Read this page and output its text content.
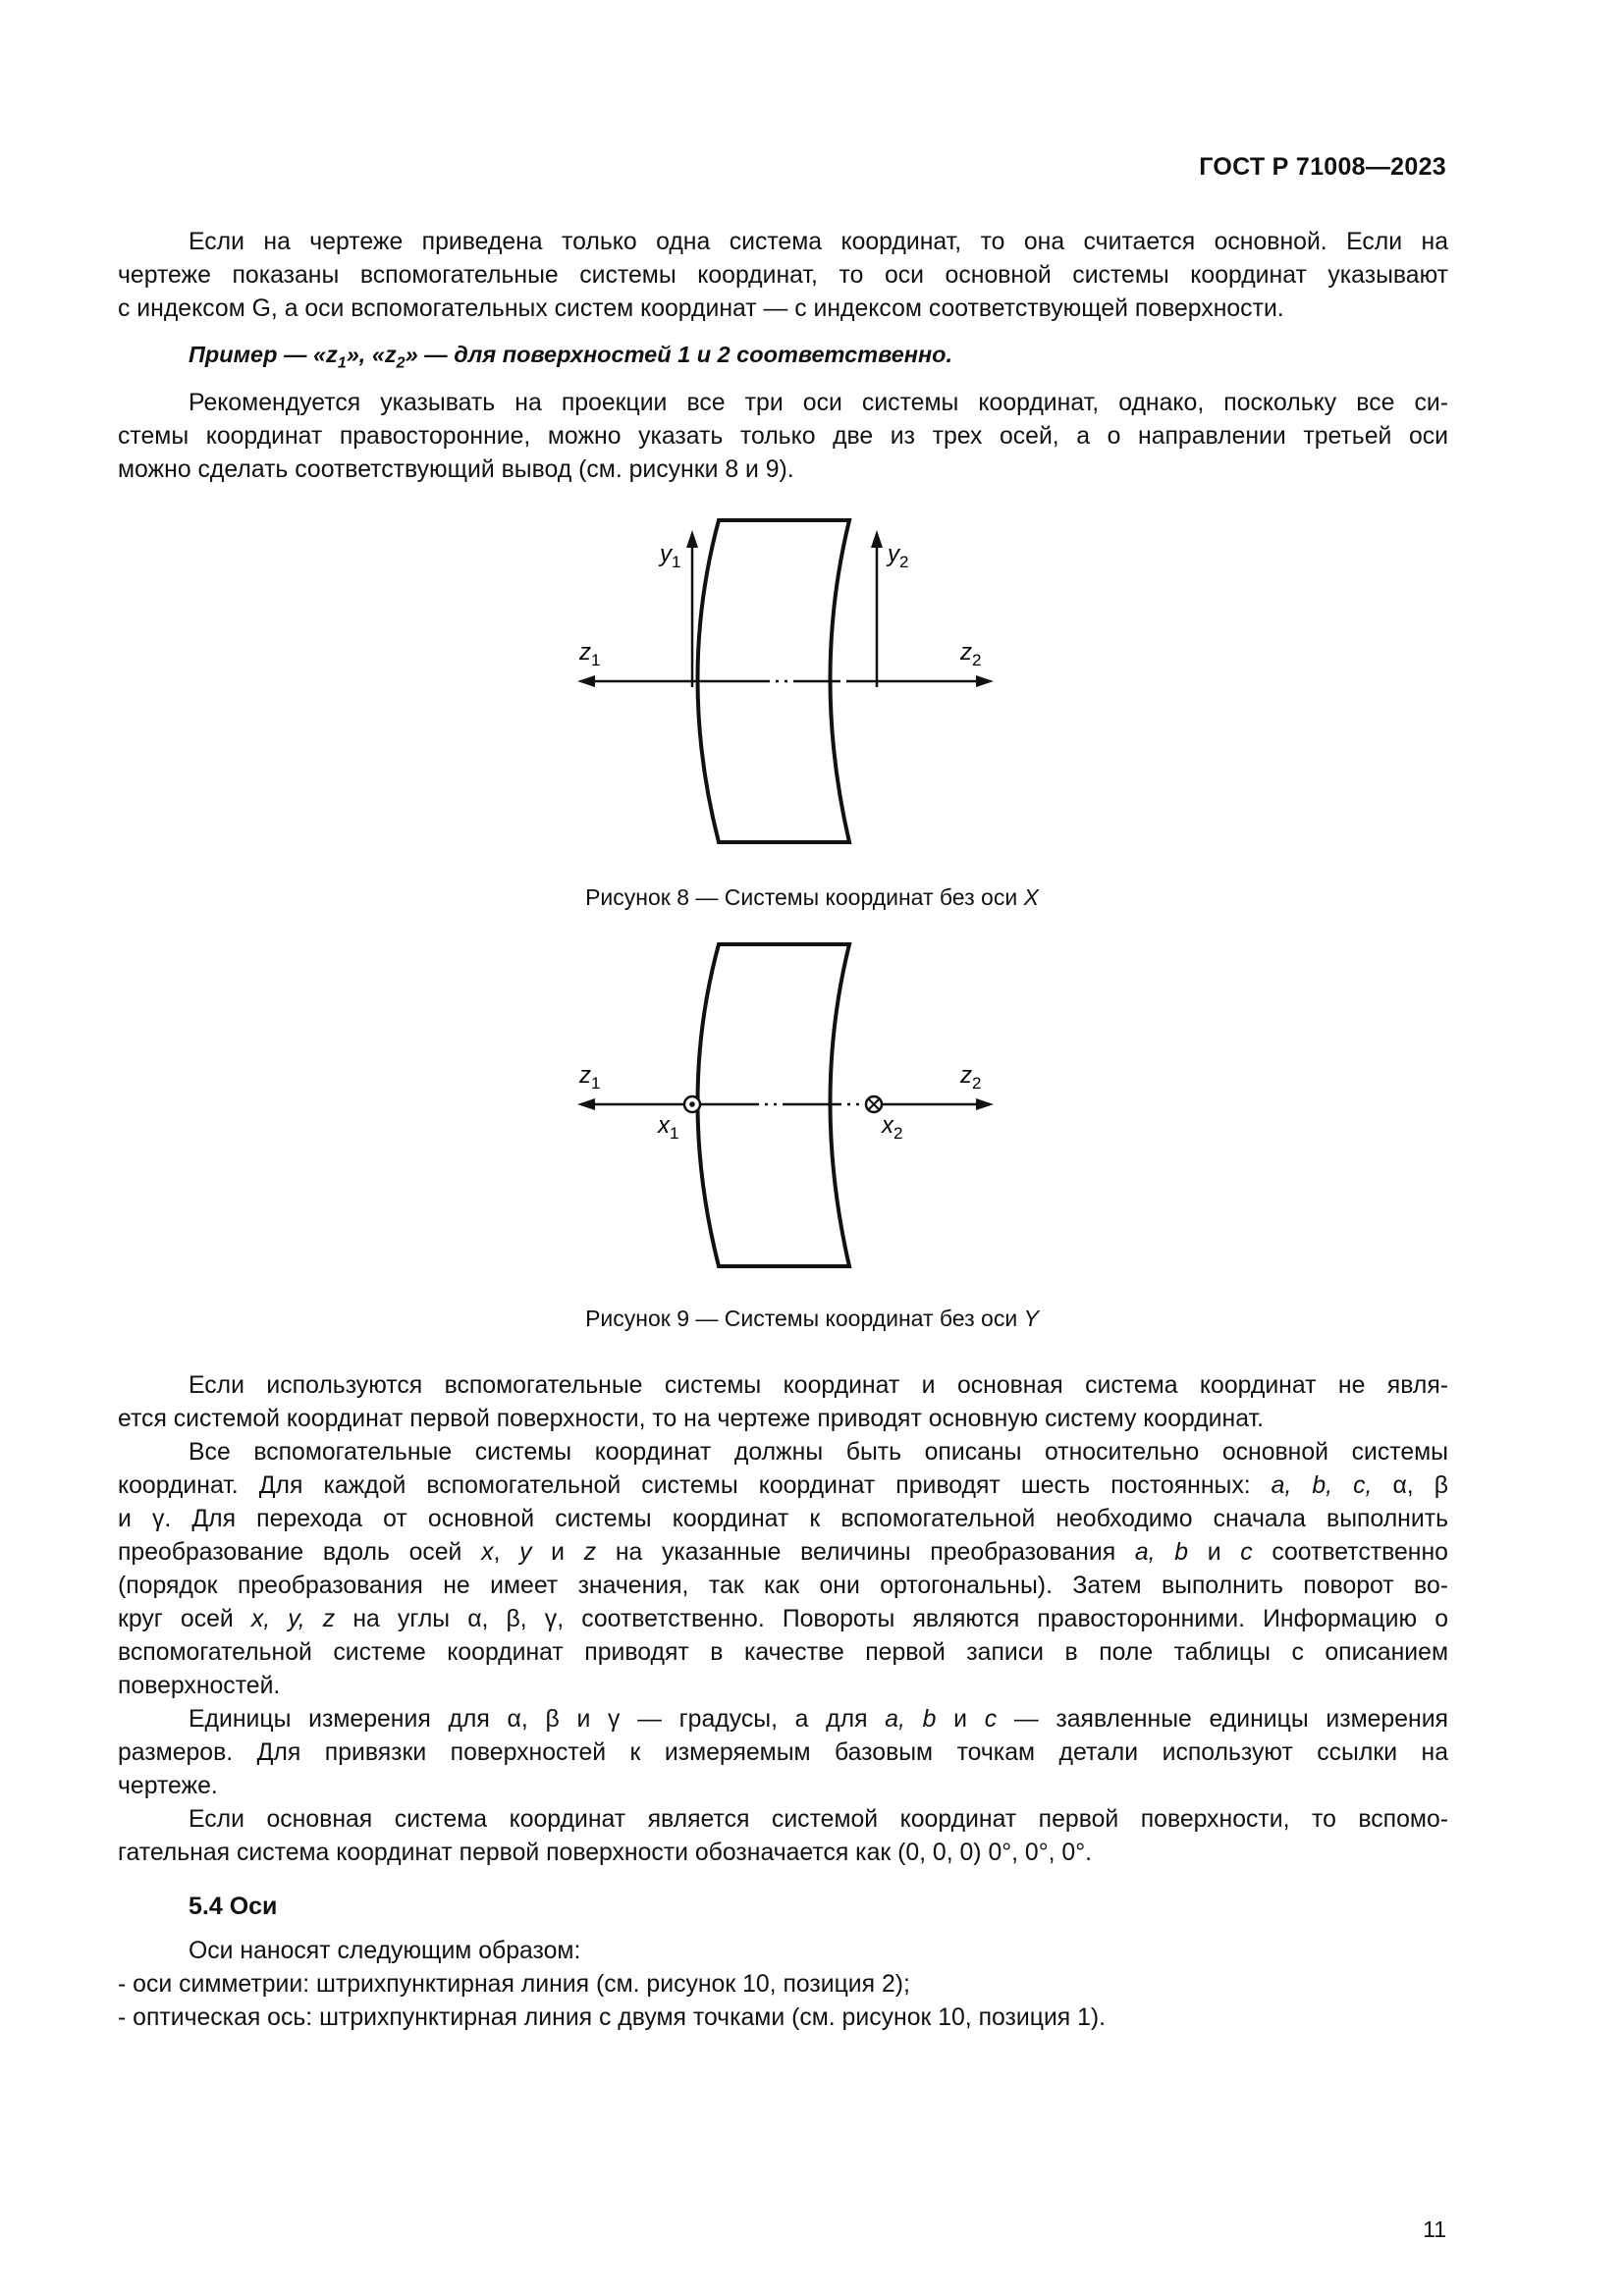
ГОСТ Р 71008—2023
Если на чертеже приведена только одна система координат, то она считается основной. Если на
чертеже показаны вспомогательные системы координат, то оси основной системы координат указывают
с индексом G, а оси вспомогательных систем координат — с индексом соответствующей поверхности.
Пример — «$z_1$», «$z_2$» — для поверхностей 1 и 2 соответственно.
Рекомендуется указывать на проекции все три оси системы координат, однако, поскольку все си-
стемы координат правосторонние, можно указать только две из трех осей, а о направлении третьей оси
можно сделать соответствующий вывод (см. рисунки 8 и 9).
$y_1$	$y_2$
$z_1$	$z_2$
Рисунок 8 — Системы координат без оси X
$z_1$	$z_2$
$x_1$	$x_2$
Рисунок 9 — Системы координат без оси Y
Если используются вспомогательные системы координат и основная система координат не явля-
ется системой координат первой поверхности, то на чертеже приводят основную систему координат.
Все вспомогательные системы координат должны быть описаны относительно основной системы
координат. Для каждой вспомогательной системы координат приводят шесть постоянных: a, b, c, α, β
и γ. Для перехода от основной системы координат к вспомогательной необходимо сначала выполнить
преобразование вдоль осей x, y и z на указанные величины преобразования a, b и c соответственно
(порядок преобразования не имеет значения, так как они ортогональны). Затем выполнить поворот во-
круг осей x, y, z на углы α, β, γ, соответственно. Повороты являются правосторонними. Информацию о
вспомогательной системе координат приводят в качестве первой записи в поле таблицы с описанием
поверхностей.
Единицы измерения для α, β и γ — градусы, а для a, b и c — заявленные единицы измерения
размеров. Для привязки поверхностей к измеряемым базовым точкам детали используют ссылки на
чертеже.
Если основная система координат является системой координат первой поверхности, то вспомо-
гательная система координат первой поверхности обозначается как (0, 0, 0) 0°, 0°, 0°.
5.4 Оси
Оси наносят следующим образом:
- оси симметрии: штрихпунктирная линия (см. рисунок 10, позиция 2);
- оптическая ось: штрихпунктирная линия с двумя точками (см. рисунок 10, позиция 1).
11
